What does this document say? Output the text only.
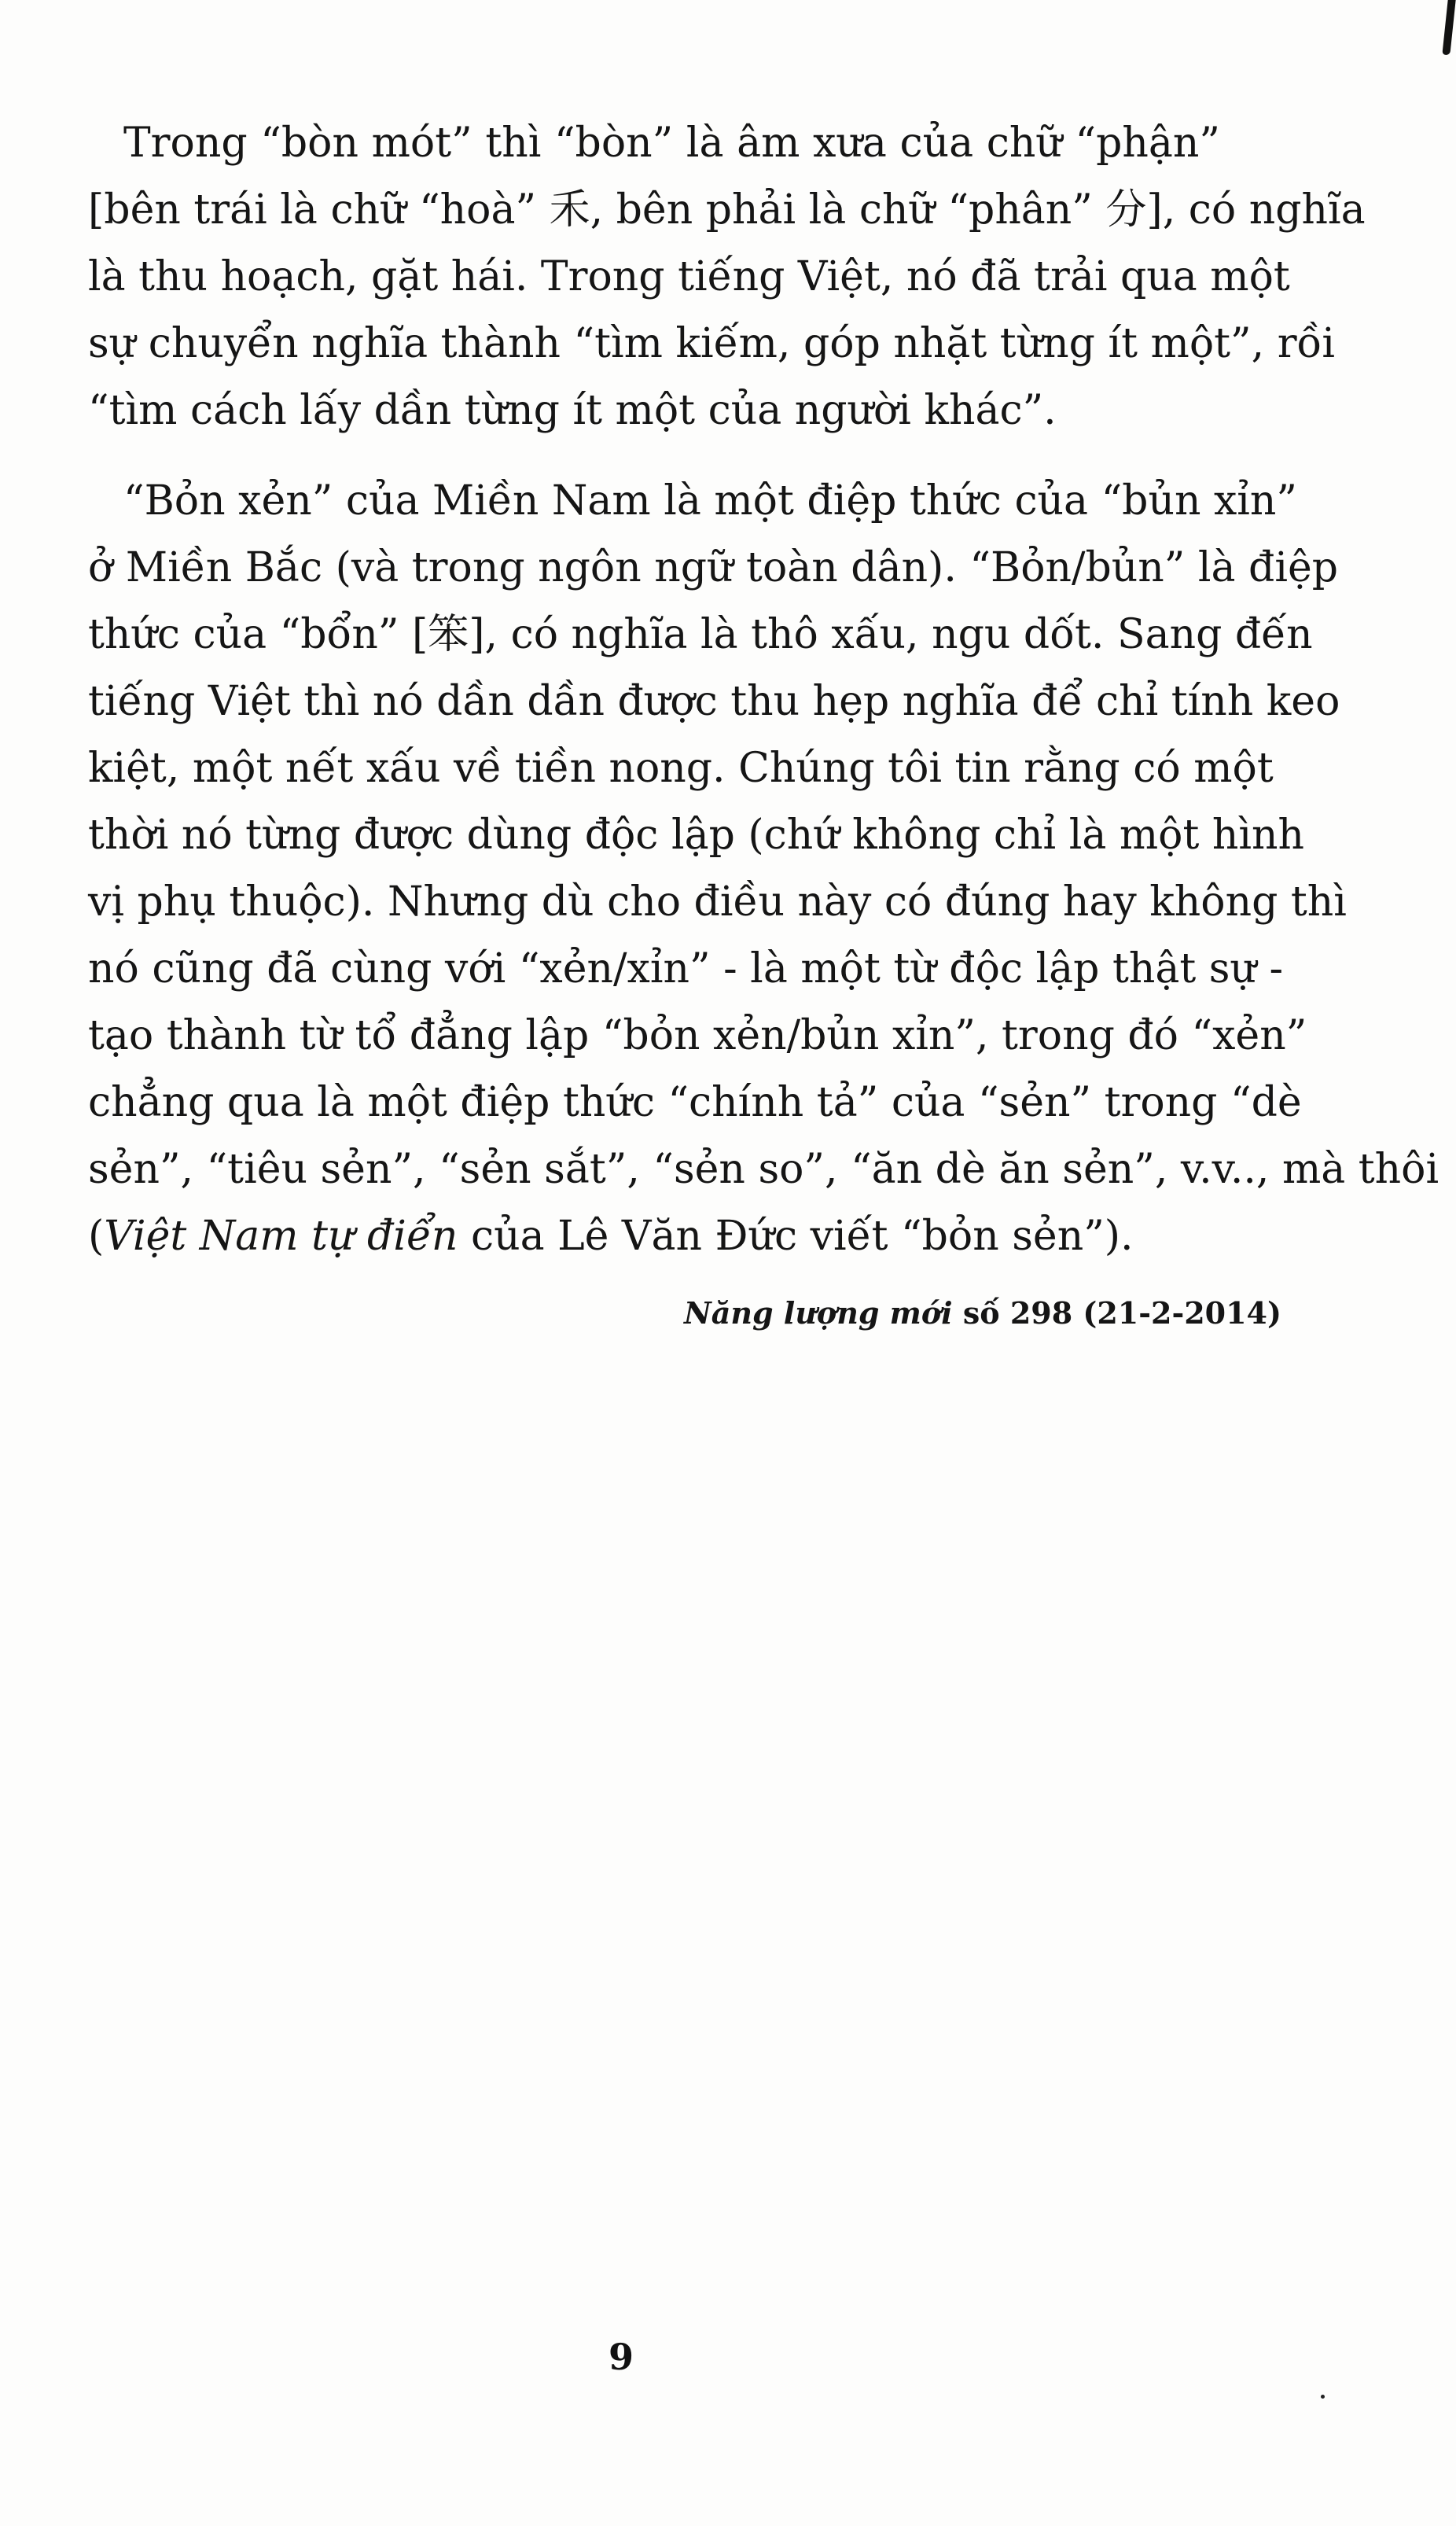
Trong “bòn mót” thì “bòn” là âm xưa của chữ “phận”
[bên trái là chữ “hoà” 禾, bên phải là chữ “phân” 分], có nghĩa
là thu hoạch, gặt hái. Trong tiếng Việt, nó đã trải qua một
sự chuyển nghĩa thành “tìm kiếm, góp nhặt từng ít một”, rồi
“tìm cách lấy dần từng ít một của người khác”.

“Bỏn xẻn” của Miền Nam là một điệp thức của “bủn xỉn”
ở Miền Bắc (và trong ngôn ngữ toàn dân). “Bỏn/bủn” là điệp
thức của “bổn” [笨], có nghĩa là thô xấu, ngu dốt. Sang đến
tiếng Việt thì nó dần dần được thu hẹp nghĩa để chỉ tính keo
kiệt, một nết xấu về tiền nong. Chúng tôi tin rằng có một
thời nó từng được dùng độc lập (chứ không chỉ là một hình
vị phụ thuộc). Nhưng dù cho điều này có đúng hay không thì
nó cũng đã cùng với “xẻn/xỉn” - là một từ độc lập thật sự -
tạo thành từ tổ đẳng lập “bỏn xẻn/bủn xỉn”, trong đó “xẻn”
chẳng qua là một điệp thức “chính tả” của “sẻn” trong “dè
sẻn”, “tiêu sẻn”, “sẻn sắt”, “sẻn so”, “ăn dè ăn sẻn”, v.v.., mà thôi
(Việt Nam tự điển của Lê Văn Đức viết “bỏn sẻn”).

Năng lượng mới số 298 (21-2-2014)
9
